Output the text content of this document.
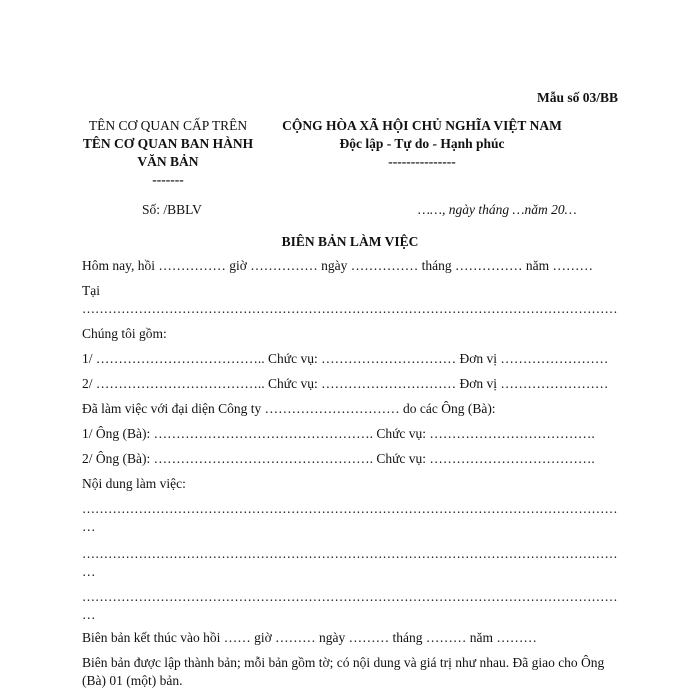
Mẫu số 03/BB
TÊN CƠ QUAN CẤP TRÊN
TÊN CƠ QUAN BAN HÀNH
VĂN BẢN
-------
CỘNG HÒA XÃ HỘI CHỦ NGHĨA VIỆT NAM
Độc lập - Tự do - Hạnh phúc
---------------
Số: /BBLV	……, ngày tháng …năm 20…
BIÊN BẢN LÀM VIỆC
Hôm nay, hồi …………… giờ …………… ngày …………… tháng …………… năm ………
Tại
……………………………………………………………………………………………………………
Chúng tôi gồm:
1/ ……………………………….. Chức vụ: ………………………… Đơn vị ……………………
2/ ……………………………….. Chức vụ: ………………………… Đơn vị ……………………
Đã làm việc với đại diện Công ty ………………………… do các Ông (Bà):
1/ Ông (Bà): …………………………………………. Chức vụ: ……………………………….
2/ Ông (Bà): …………………………………………. Chức vụ: ……………………………….
Nội dung làm việc:
……………………………………………………………………………………………………………
…
……………………………………………………………………………………………………………
…
……………………………………………………………………………………………………………
…
Biên bản kết thúc vào hồi …… giờ ……… ngày ……… tháng ……… năm ………
Biên bản được lập thành bản; mỗi bản gồm tờ; có nội dung và giá trị như nhau. Đã giao cho Ông
(Bà) 01 (một) bản.
